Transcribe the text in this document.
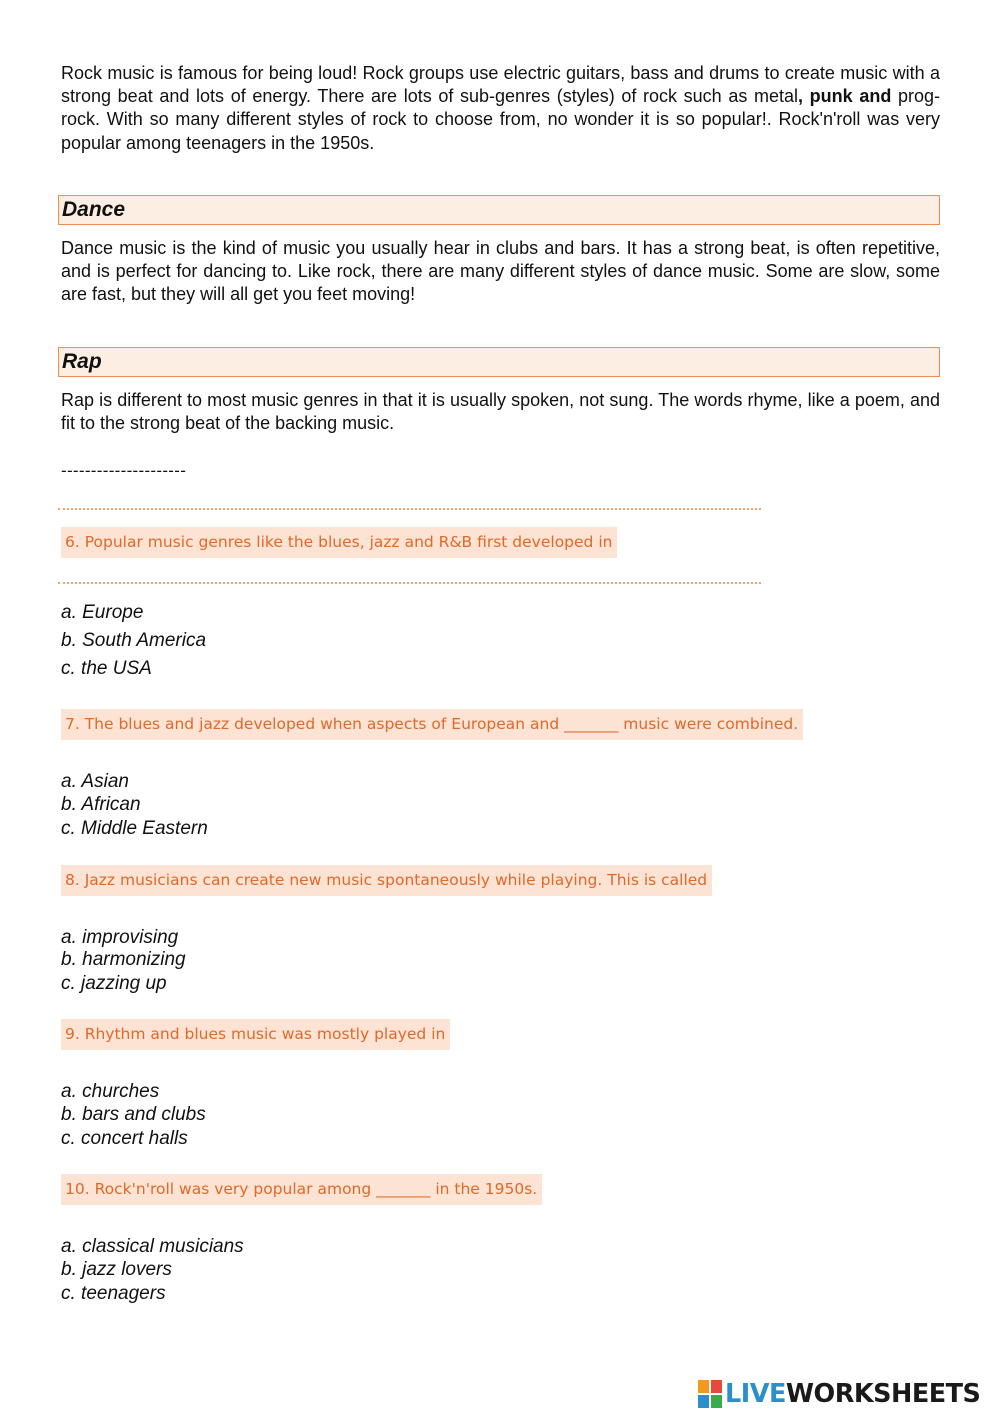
Rock music is famous for being loud! Rock groups use electric guitars, bass and drums to create music with a strong beat and lots of energy. There are lots of sub-genres (styles) of rock such as metal, punk and prog-rock. With so many different styles of rock to choose from, no wonder it is so popular!. Rock'n'roll was very popular among teenagers in the 1950s.

Dance

Dance music is the kind of music you usually hear in clubs and bars. It has a strong beat, is often repetitive, and is perfect for dancing to. Like rock, there are many different styles of dance music. Some are slow, some are fast, but they will all get you feet moving!

Rap

Rap is different to most music genres in that it is usually spoken, not sung. The words rhyme, like a poem, and fit to the strong beat of the backing music.

---------------------
6. Popular music genres like the blues, jazz and R&B first developed in
a. Europe
b. South America
c. the USA
7. The blues and jazz developed when aspects of European and _______ music were combined.
a. Asian
b. African
c. Middle Eastern
8. Jazz musicians can create new music spontaneously while playing. This is called
a. improvising
b. harmonizing
c. jazzing up
9. Rhythm and blues music was mostly played in
a. churches
b. bars and clubs
c. concert halls
10. Rock'n'roll was very popular among _______ in the 1950s.
a. classical musicians
b. jazz lovers
c. teenagers
LIVEWORKSHEETS
